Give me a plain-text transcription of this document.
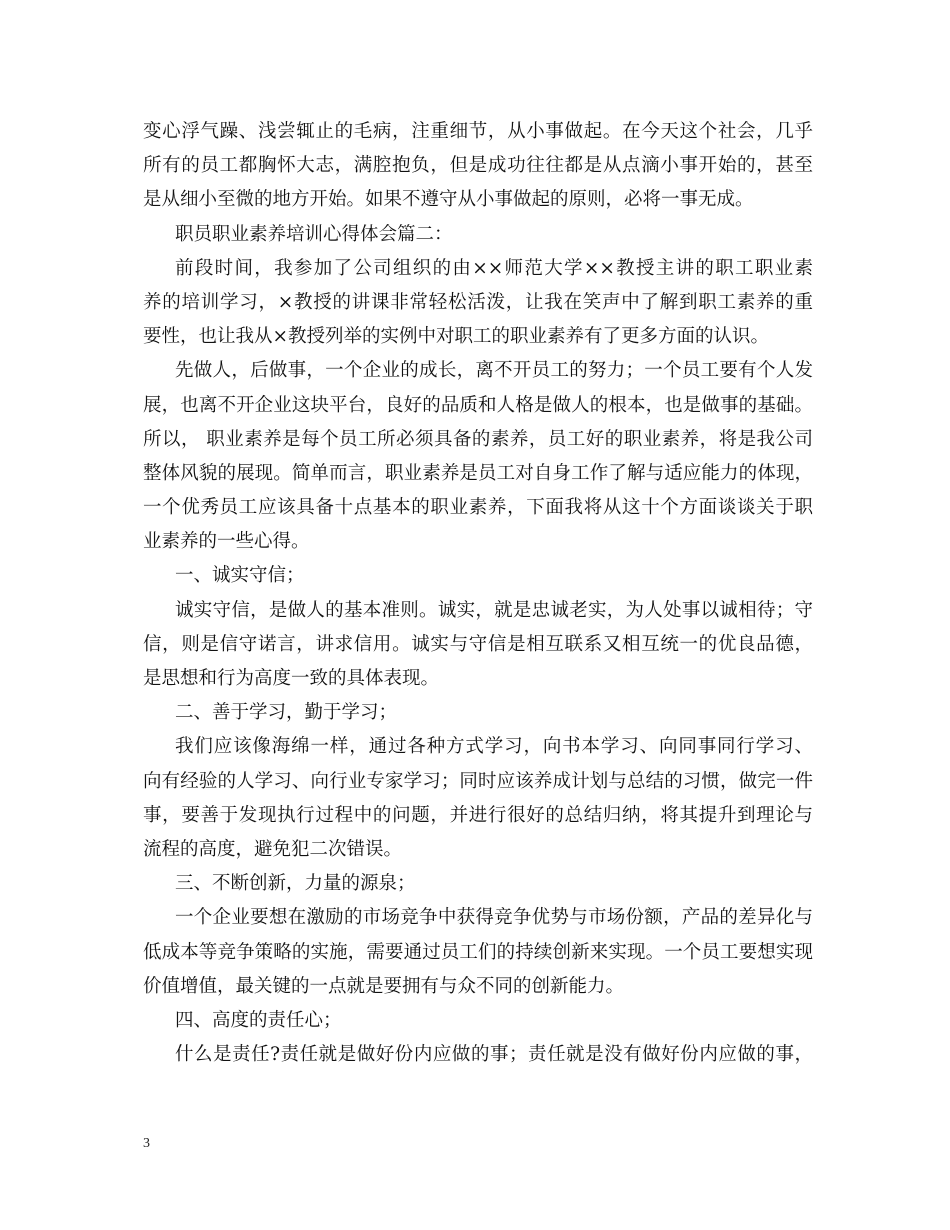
变心浮气躁、浅尝辄止的毛病，注重细节，从小事做起。在今天这个社会，几乎
所有的员工都胸怀大志，满腔抱负，但是成功往往都是从点滴小事开始的，甚至
是从细小至微的地方开始。如果不遵守从小事做起的原则，必将一事无成。
职员职业素养培训心得体会篇二：
前段时间，我参加了公司组织的由××师范大学××教授主讲的职工职业素
养的培训学习，×教授的讲课非常轻松活泼，让我在笑声中了解到职工素养的重
要性，也让我从×教授列举的实例中对职工的职业素养有了更多方面的认识。
先做人，后做事，一个企业的成长，离不开员工的努力；一个员工要有个人发
展，也离不开企业这块平台，良好的品质和人格是做人的根本，也是做事的基础。
所以， 职业素养是每个员工所必须具备的素养，员工好的职业素养，将是我公司
整体风貌的展现。简单而言，职业素养是员工对自身工作了解与适应能力的体现，
一个优秀员工应该具备十点基本的职业素养，下面我将从这十个方面谈谈关于职
业素养的一些心得。
一、诚实守信；
诚实守信，是做人的基本准则。诚实，就是忠诚老实，为人处事以诚相待；守
信，则是信守诺言，讲求信用。诚实与守信是相互联系又相互统一的优良品德，
是思想和行为高度一致的具体表现。
二、善于学习，勤于学习；
我们应该像海绵一样，通过各种方式学习，向书本学习、向同事同行学习、
向有经验的人学习、向行业专家学习；同时应该养成计划与总结的习惯，做完一件
事，要善于发现执行过程中的问题，并进行很好的总结归纳，将其提升到理论与
流程的高度，避免犯二次错误。
三、不断创新，力量的源泉；
一个企业要想在激励的市场竞争中获得竞争优势与市场份额，产品的差异化与
低成本等竞争策略的实施，需要通过员工们的持续创新来实现。一个员工要想实现
价值增值，最关键的一点就是要拥有与众不同的创新能力。
四、高度的责任心；
什么是责任?责任就是做好份内应做的事；责任就是没有做好份内应做的事，
3
